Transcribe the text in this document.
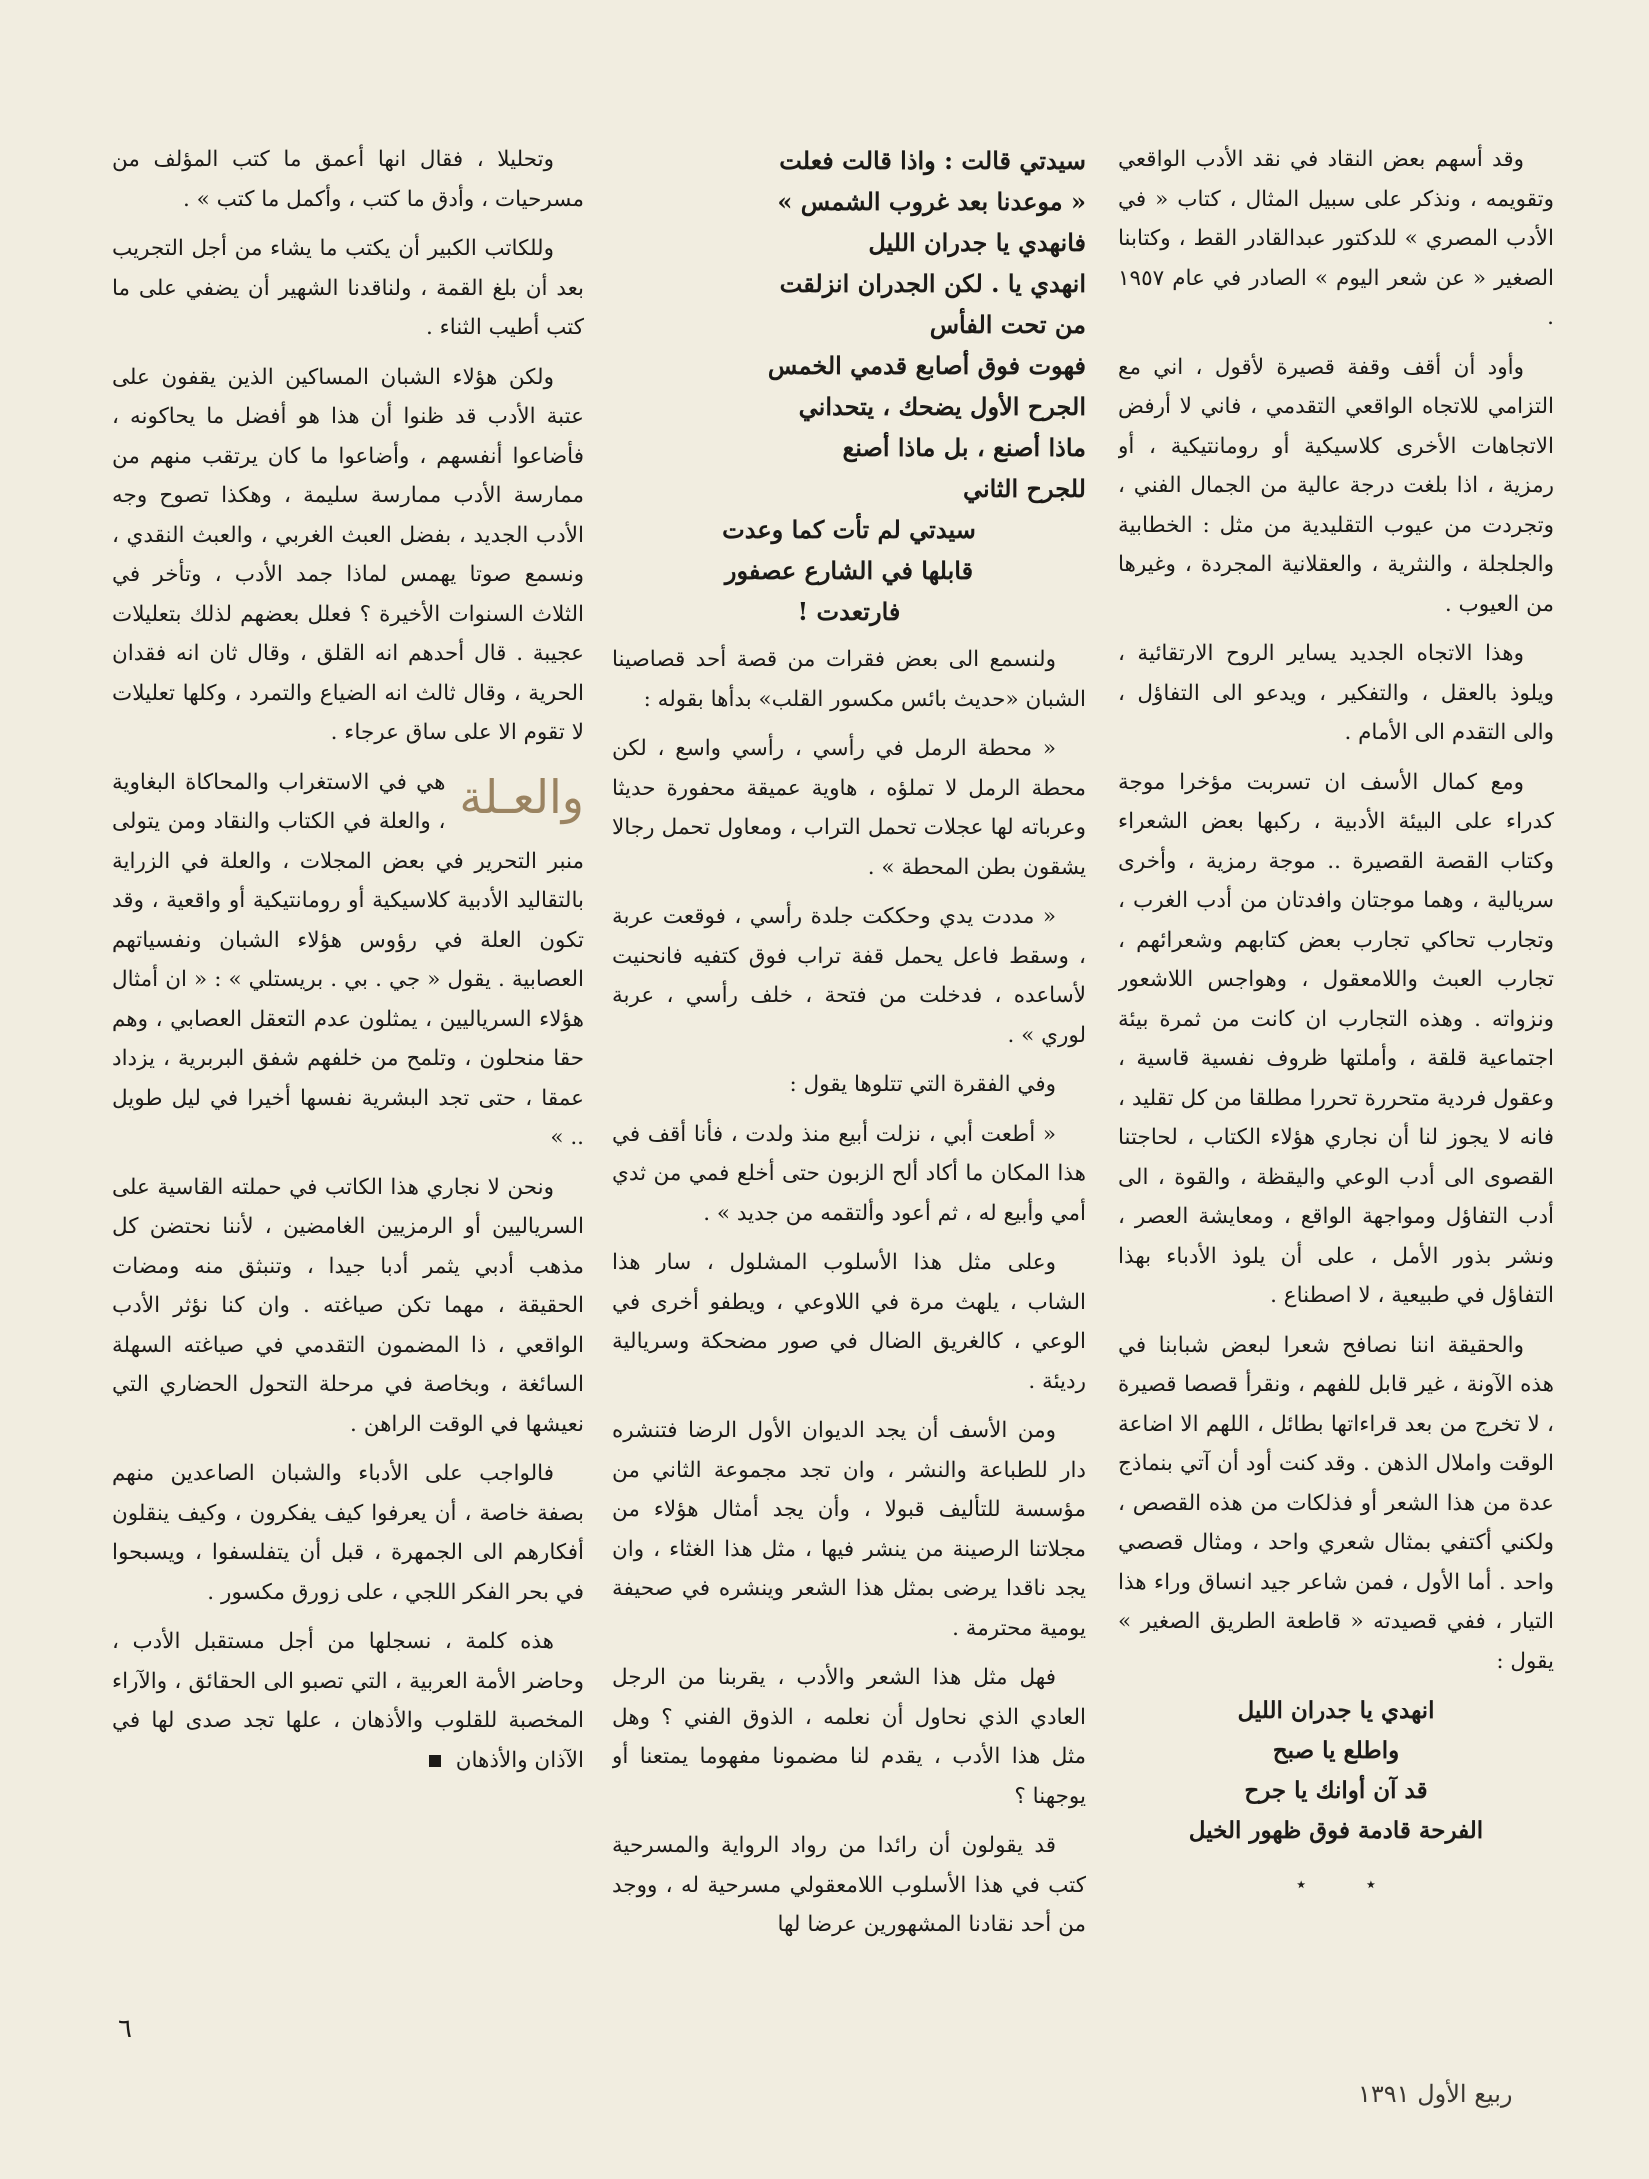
وقد أسهم بعض النقاد في نقد الأدب الواقعي وتقويمه ، ونذكر على سبيل المثال ، كتاب « في الأدب المصري » للدكتور عبدالقادر القط ، وكتابنا الصغير « عن شعر اليوم » الصادر في عام ١٩٥٧ .

وأود أن أقف وقفة قصيرة لأقول ، اني مع التزامي للاتجاه الواقعي التقدمي ، فاني لا أرفض الاتجاهات الأخرى كلاسيكية أو رومانتيكية ، أو رمزية ، اذا بلغت درجة عالية من الجمال الفني ، وتجردت من عيوب التقليدية من مثل : الخطابية والجلجلة ، والنثرية ، والعقلانية المجردة ، وغيرها من العيوب .

وهذا الاتجاه الجديد يساير الروح الارتقائية ، ويلوذ بالعقل ، والتفكير ، ويدعو الى التفاؤل ، والى التقدم الى الأمام .

ومع كمال الأسف ان تسربت مؤخرا موجة كدراء على البيئة الأدبية ، ركبها بعض الشعراء وكتاب القصة القصيرة .. موجة رمزية ، وأخرى سريالية ، وهما موجتان وافدتان من أدب الغرب ، وتجارب تحاكي تجارب بعض كتابهم وشعرائهم ، تجارب العبث واللامعقول ، وهواجس اللاشعور ونزواته . وهذه التجارب ان كانت من ثمرة بيئة اجتماعية قلقة ، وأملتها ظروف نفسية قاسية ، وعقول فردية متحررة تحررا مطلقا من كل تقليد ، فانه لا يجوز لنا أن نجاري هؤلاء الكتاب ، لحاجتنا القصوى الى أدب الوعي واليقظة ، والقوة ، الى أدب التفاؤل ومواجهة الواقع ، ومعايشة العصر ، ونشر بذور الأمل ، على أن يلوذ الأدباء بهذا التفاؤل في طبيعية ، لا اصطناع .

والحقيقة اننا نصافح شعرا لبعض شبابنا في هذه الآونة ، غير قابل للفهم ، ونقرأ قصصا قصيرة ، لا تخرج من بعد قراءاتها بطائل ، اللهم الا اضاعة الوقت واملال الذهن . وقد كنت أود أن آتي بنماذج عدة من هذا الشعر أو فذلكات من هذه القصص ، ولكني أكتفي بمثال شعري واحد ، ومثال قصصي واحد . أما الأول ، فمن شاعر جيد انساق وراء هذا التيار ، ففي قصيدته « قاطعة الطريق الصغير » يقول :

انهدي يا جدران الليل
واطلع يا صبح
قد آن أوانك يا جرح
الفرحة قادمة فوق ظهور الخيل
٭
٭
سيدتي قالت : واذا قالت فعلت
« موعدنا بعد غروب الشمس »
فانهدي يا جدران الليل
انهدي يا . لكن الجدران انزلقت
من تحت الفأس
فهوت فوق أصابع قدمي الخمس
الجرح الأول يضحك ، يتحداني
ماذا أصنع ، بل ماذا أصنع
للجرح الثاني
سيدتي لم تأت كما وعدت
قابلها في الشارع عصفور
فارتعدت !

ولنسمع الى بعض فقرات من قصة أحد قصاصينا الشبان «حديث بائس مكسور القلب» بدأها بقوله :

« محطة الرمل في رأسي ، رأسي واسع ، لكن محطة الرمل لا تملؤه ، هاوية عميقة محفورة حديثا وعرباته لها عجلات تحمل التراب ، ومعاول تحمل رجالا يشقون بطن المحطة » .

« مددت يدي وحككت جلدة رأسي ، فوقعت عربة ، وسقط فاعل يحمل قفة تراب فوق كتفيه فانحنيت لأساعده ، فدخلت من فتحة ، خلف رأسي ، عربة لوري » .

وفي الفقرة التي تتلوها يقول :

« أطعت أبي ، نزلت أبيع منذ ولدت ، فأنا أقف في هذا المكان ما أكاد ألح الزبون حتى أخلع فمي من ثدي أمي وأبيع له ، ثم أعود وألتقمه من جديد » .

وعلى مثل هذا الأسلوب المشلول ، سار هذا الشاب ، يلهث مرة في اللاوعي ، ويطفو أخرى في الوعي ، كالغريق الضال في صور مضحكة وسريالية رديئة .

ومن الأسف أن يجد الديوان الأول الرضا فتنشره دار للطباعة والنشر ، وان تجد مجموعة الثاني من مؤسسة للتأليف قبولا ، وأن يجد أمثال هؤلاء من مجلاتنا الرصينة من ينشر فيها ، مثل هذا الغثاء ، وان يجد ناقدا يرضى بمثل هذا الشعر وينشره في صحيفة يومية محترمة .

فهل مثل هذا الشعر والأدب ، يقربنا من الرجل العادي الذي نحاول أن نعلمه ، الذوق الفني ؟ وهل مثل هذا الأدب ، يقدم لنا مضمونا مفهوما يمتعنا أو يوجهنا ؟

قد يقولون أن رائدا من رواد الرواية والمسرحية كتب في هذا الأسلوب اللامعقولي مسرحية له ، ووجد من أحد نقادنا المشهورين عرضا لها

وتحليلا ، فقال انها أعمق ما كتب المؤلف من مسرحيات ، وأدق ما كتب ، وأكمل ما كتب » .

وللكاتب الكبير أن يكتب ما يشاء من أجل التجريب بعد أن بلغ القمة ، ولناقدنا الشهير أن يضفي على ما كتب أطيب الثناء .

ولكن هؤلاء الشبان المساكين الذين يقفون على عتبة الأدب قد ظنوا أن هذا هو أفضل ما يحاكونه ، فأضاعوا أنفسهم ، وأضاعوا ما كان يرتقب منهم من ممارسة الأدب ممارسة سليمة ، وهكذا تصوح وجه الأدب الجديد ، بفضل العبث الغربي ، والعبث النقدي ، ونسمع صوتا يهمس لماذا جمد الأدب ، وتأخر في الثلاث السنوات الأخيرة ؟ فعلل بعضهم لذلك بتعليلات عجيبة . قال أحدهم انه القلق ، وقال ثان انه فقدان الحرية ، وقال ثالث انه الضياع والتمرد ، وكلها تعليلات لا تقوم الا على ساق عرجاء .

والعـلة

هي في الاستغراب والمحاكاة البغاوية ، والعلة في الكتاب والنقاد ومن يتولى منبر التحرير في بعض المجلات ، والعلة في الزراية بالتقاليد الأدبية كلاسيكية أو رومانتيكية أو واقعية ، وقد تكون العلة في رؤوس هؤلاء الشبان ونفسياتهم العصابية . يقول « جي . بي . بريستلي » : « ان أمثال هؤلاء السرياليين ، يمثلون عدم التعقل العصابي ، وهم حقا منحلون ، وتلمح من خلفهم شفق البربرية ، يزداد عمقا ، حتى تجد البشرية نفسها أخيرا في ليل طويل .. »

ونحن لا نجاري هذا الكاتب في حملته القاسية على السرياليين أو الرمزيين الغامضين ، لأننا نحتضن كل مذهب أدبي يثمر أدبا جيدا ، وتنبثق منه ومضات الحقيقة ، مهما تكن صياغته . وان كنا نؤثر الأدب الواقعي ، ذا المضمون التقدمي في صياغته السهلة السائغة ، وبخاصة في مرحلة التحول الحضاري التي نعيشها في الوقت الراهن .

فالواجب على الأدباء والشبان الصاعدين منهم بصفة خاصة ، أن يعرفوا كيف يفكرون ، وكيف ينقلون أفكارهم الى الجمهرة ، قبل أن يتفلسفوا ، ويسبحوا في بحر الفكر اللجي ، على زورق مكسور .

هذه كلمة ، نسجلها من أجل مستقبل الأدب ، وحاضر الأمة العربية ، التي تصبو الى الحقائق ، والآراء المخصبة للقلوب والأذهان ، علها تجد صدى لها في الآذان والأذهان

٦
ربيع الأول ١٣٩١
